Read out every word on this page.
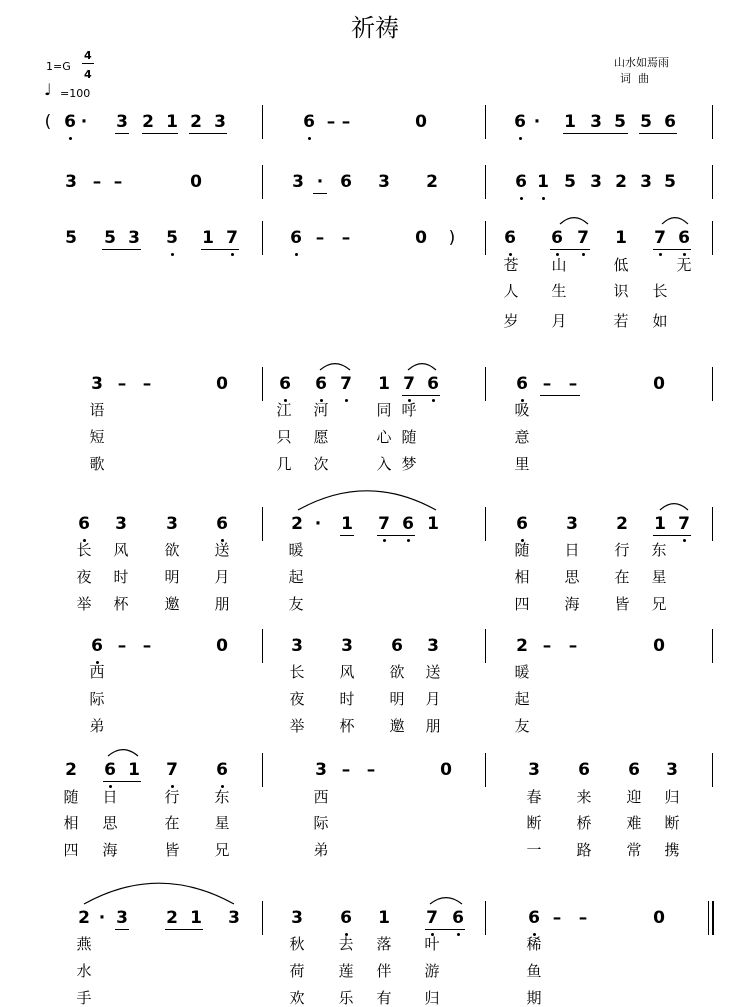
祈祷
1=G
4
4
♩ =100
山水如焉雨
词  曲
( 6 · 3 2 1 2 3	6 – –	0	6 · 1 3 5 5 6
3 – –	0	3 · 6 3 2	6 1 5 3 2 3 5
5 5 3 5 1 7	6 – –	0 )	6 6 7 1 7 6
3 – –	0	6 6 7 1 7 6	6 – –	0
6 3 3 6	2 · 1 7 6 1	6 3 2 1 7
6 – –	0	3 3 6 3	2 – –	0
2 6 1 7 6	3 – –	0	3 6 6 3
2 · 3 2 1 3	3 6 1 7 6	6 – –	0
苍 山	低	无
人 生	识 长
岁 月	若 如
语	江 河	同 呼	吸
短	只 愿	心 随	意
歌	几 次	入 梦	里
长 风 欲 送	暖	随 日 行 东
夜 时 明 月	起	相 思 在 星
举 杯 邀 朋	友	四 海 皆 兄
西	长 风 欲 送	暖
际	夜 时 明 月	起
弟	举 杯 邀 朋	友
随 日	行 东	西	春 来 迎 归
相 思	在 星	际	断 桥 难 断
四 海	皆 兄	弟	一 路 常 携
燕	秋 去 落 叶	稀
水	荷 莲 伴 游	鱼
手	欢 乐 有 归	期
